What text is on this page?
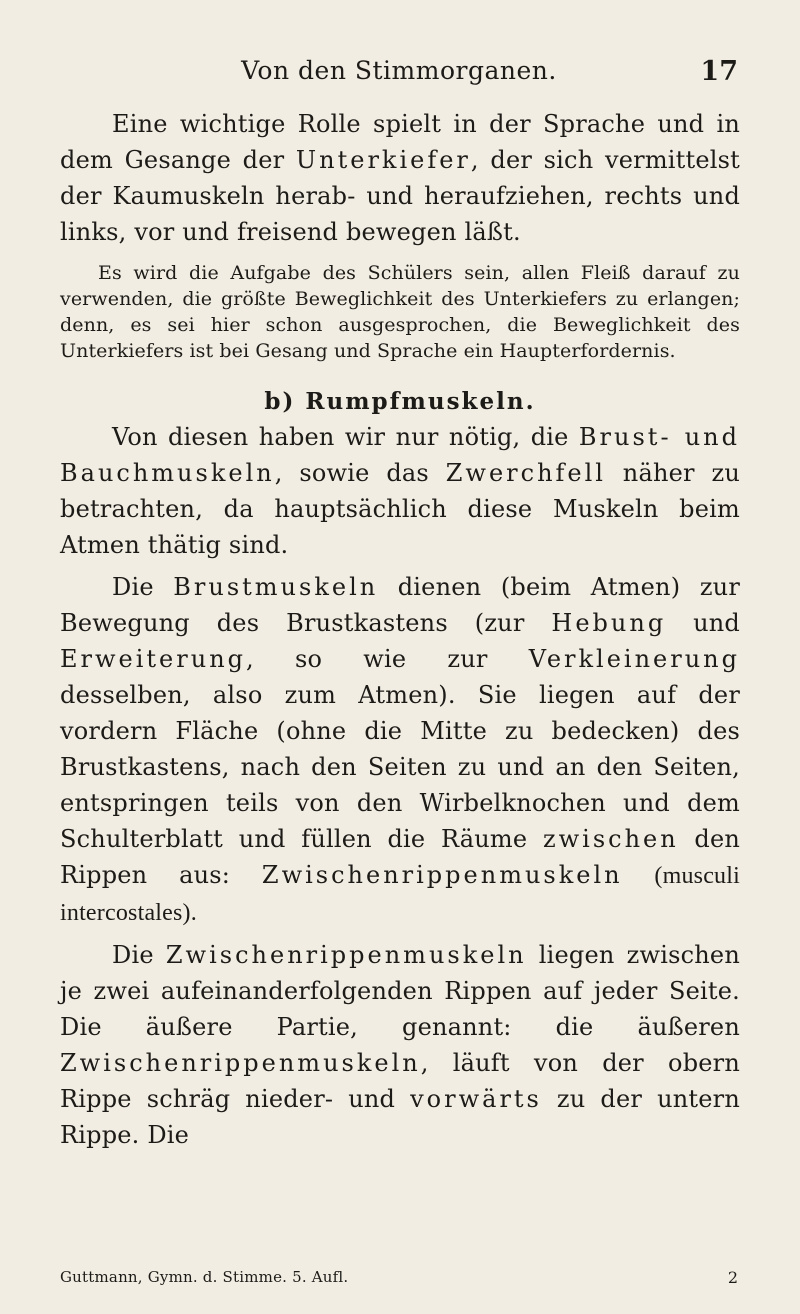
Von den Stimmorganen.	17

Eine wichtige Rolle spielt in der Sprache und in dem Gesange der Unterkiefer, der sich vermittelst der Kaumuskeln herab- und heraufziehen, rechts und links, vor und freisend bewegen läßt.

Es wird die Aufgabe des Schülers sein, allen Fleiß darauf zu verwenden, die größte Beweglichkeit des Unterkiefers zu erlangen; denn, es sei hier schon ausgesprochen, die Beweglichkeit des Unterkiefers ist bei Gesang und Sprache ein Haupterfordernis.

b) Rumpfmuskeln.

Von diesen haben wir nur nötig, die Brust- und Bauchmuskeln, sowie das Zwerchfell näher zu betrachten, da hauptsächlich diese Muskeln beim Atmen thätig sind.

Die Brustmuskeln dienen (beim Atmen) zur Bewegung des Brustkastens (zur Hebung und Erweiterung, so wie zur Verkleinerung desselben, also zum Atmen). Sie liegen auf der vordern Fläche (ohne die Mitte zu bedecken) des Brustkastens, nach den Seiten zu und an den Seiten, entspringen teils von den Wirbelknochen und dem Schulterblatt und füllen die Räume zwischen den Rippen aus: Zwischenrippenmuskeln (musculi intercostales).

Die Zwischenrippenmuskeln liegen zwischen je zwei aufeinanderfolgenden Rippen auf jeder Seite. Die äußere Partie, genannt: die äußeren Zwischenrippenmuskeln, läuft von der obern Rippe schräg nieder- und vorwärts zu der untern Rippe. Die

Guttmann, Gymn. d. Stimme. 5. Aufl.	2
